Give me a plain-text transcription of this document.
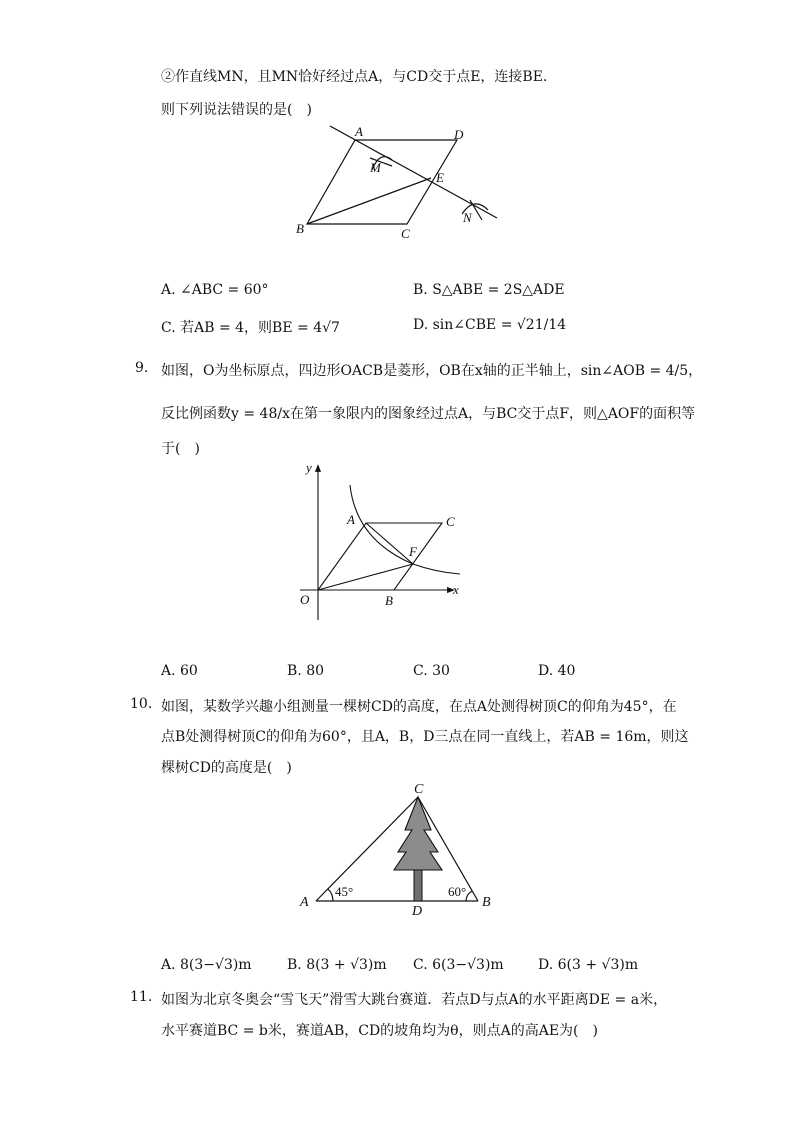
②作直线MN，且MN恰好经过点A，与CD交于点E，连接BE．
则下列说法错误的是(　)
A	D
M
E
N
B	C
A. ∠ABC = 60°	B. S△ABE = 2S△ADE
C. 若AB = 4，则BE = 4√7	D. sin∠CBE = √21/14
9. 如图，O为坐标原点，四边形OACB是菱形，OB在x轴的正半轴上，sin∠AOB = 4/5，
反比例函数y = 48/x在第一象限内的图象经过点A，与BC交于点F，则△AOF的面积等
于(　)
y
x
O
A	C
F
B
A. 60	B. 80	C. 30	D. 40
10. 如图，某数学兴趣小组测量一棵树CD的高度，在点A处测得树顶C的仰角为45°，在
点B处测得树顶C的仰角为60°，且A，B，D三点在同一直线上，若AB = 16m，则这
棵树CD的高度是(　)
C
A
D
B
45°	60°
A. 8(3−√3)m	B. 8(3 + √3)m C. 6(3−√3)m D. 6(3 + √3)m
11. 如图为北京冬奥会“雪飞天”滑雪大跳台赛道．若点D与点A的水平距离DE = a米，
水平赛道BC = b米，赛道AB，CD的坡角均为θ，则点A的高AE为(　)
